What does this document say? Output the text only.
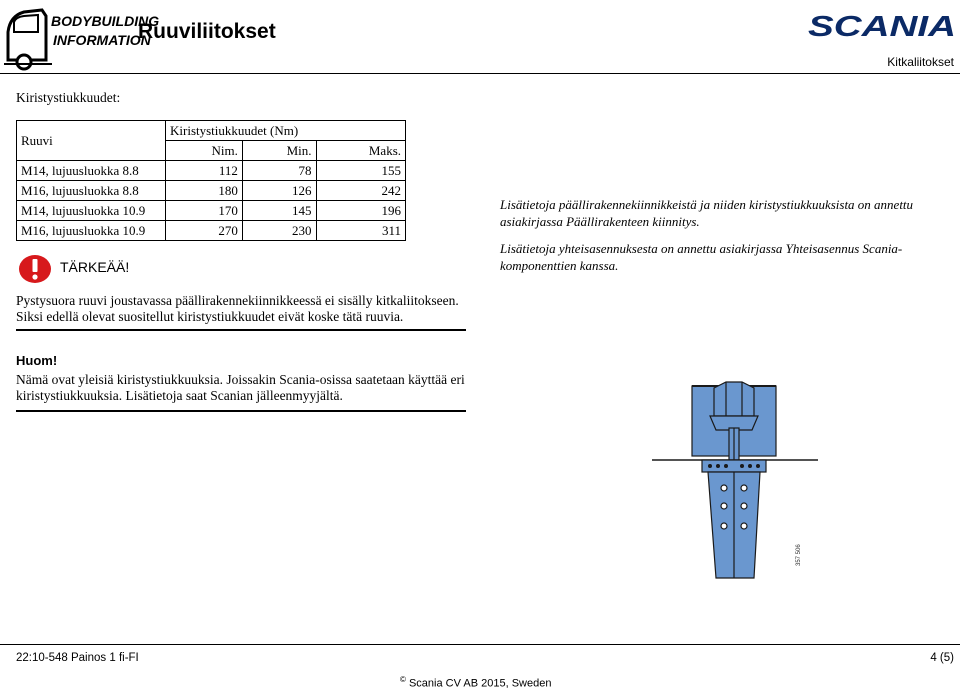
BODYBUILDING
INFORMATION
Ruuviliitokset	SCANIA
Kitkaliitokset
Kiristystiukkuudet:
Ruuvi	Kiristystiukkuudet (Nm)		
	Nim.	Min.	Maks.
M14, lujuusluokka 8.8	112	78	155
M16, lujuusluokka 8.8	180	126	242
M14, lujuusluokka 10.9	170	145	196
M16, lujuusluokka 10.9	270	230	311
TÄRKEÄÄ!
Pystysuora ruuvi joustavassa päällirakennekiinnikkeessä ei sisälly kitkaliitokseen.
Siksi edellä olevat suositellut kiristystiukkuudet eivät koske tätä ruuvia.
Huom!
Nämä ovat yleisiä kiristystiukkuuksia. Joissakin Scania-osissa saatetaan käyttää eri
kiristystiukkuuksia. Lisätietoja saat Scanian jälleenmyyjältä.
Lisätietoja päällirakennekiinnikkeistä ja niiden kiristystiukkuuksista on annettu asiakirjassa Päällirakenteen kiinnitys.
Lisätietoja yhteisasennuksesta on annettu asiakirjassa Yhteisasennus Scania-komponenttien kanssa.
357 506
22:10-548 Painos 1 fi-FI	4 (5)
© Scania CV AB 2015, Sweden
